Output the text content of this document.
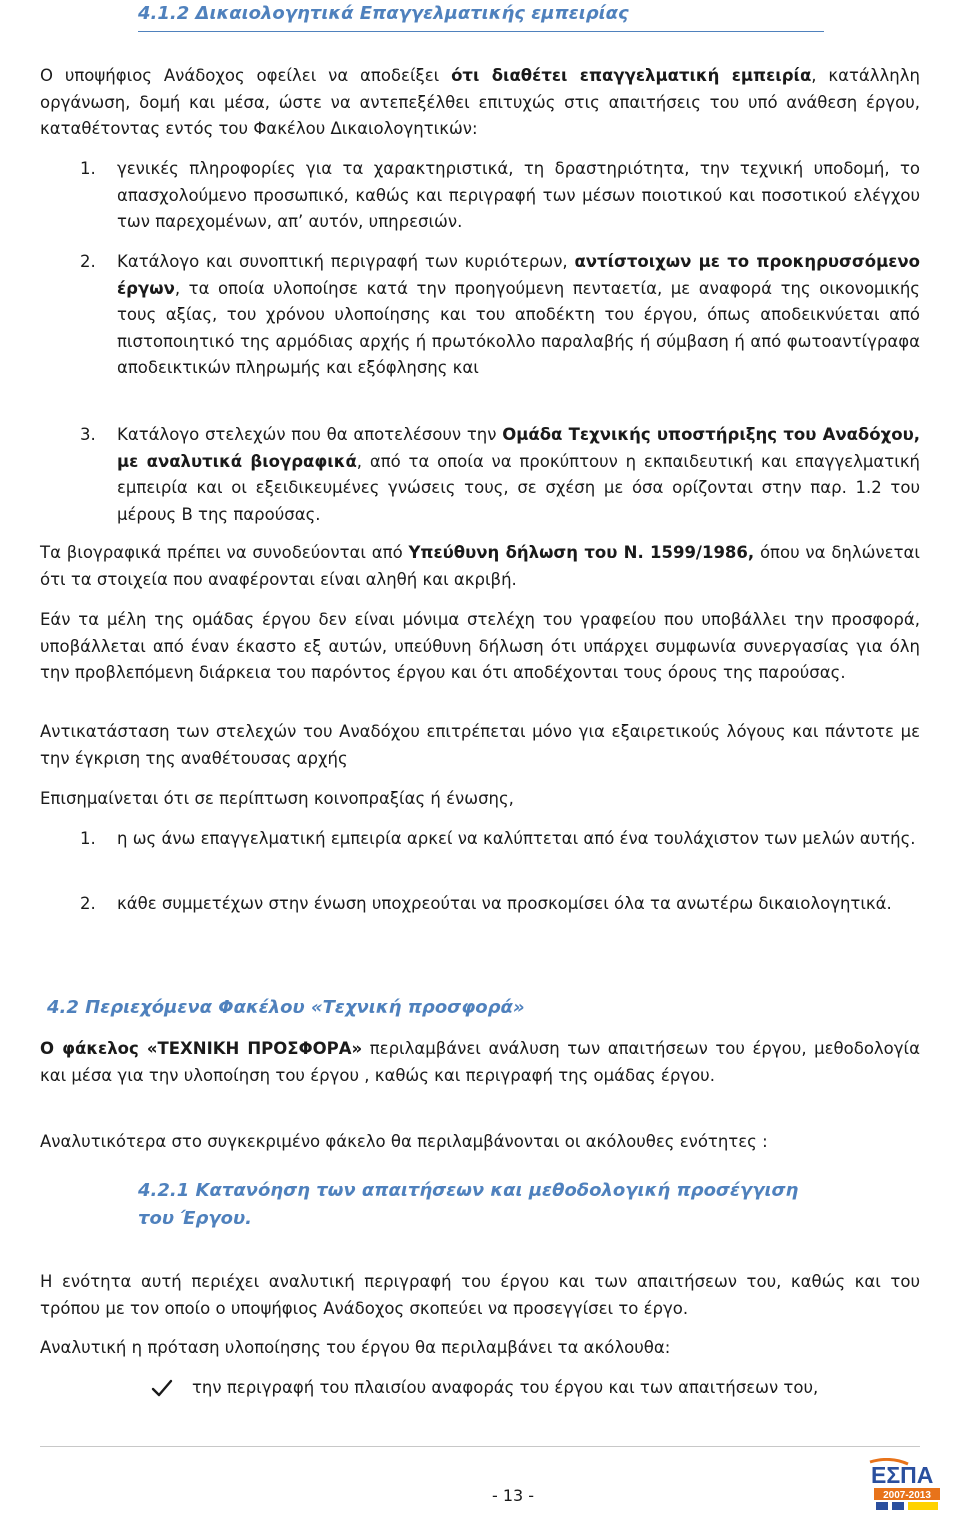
4.1.2 Δικαιολογητικά Επαγγελματικής εμπειρίας

Ο υποψήφιος Ανάδοχος οφείλει να αποδείξει ότι διαθέτει επαγγελματική εμπειρία, κατάλληλη οργάνωση, δομή και μέσα, ώστε να αντεπεξέλθει επιτυχώς στις απαιτήσεις του υπό ανάθεση έργου, καταθέτοντας εντός του Φακέλου Δικαιολογητικών:

1.	γενικές πληροφορίες για τα χαρακτηριστικά, τη δραστηριότητα, την τεχνική υποδομή, το απασχολούμενο προσωπικό, καθώς και περιγραφή των μέσων ποιοτικού και ποσοτικού ελέγχου των παρεχομένων, απ’ αυτόν, υπηρεσιών.

2.	Κατάλογο και συνοπτική περιγραφή των κυριότερων, αντίστοιχων με το προκηρυσσόμενο έργων, τα οποία υλοποίησε κατά την προηγούμενη πενταετία, με αναφορά της οικονομικής τους αξίας, του χρόνου υλοποίησης και του αποδέκτη του έργου, όπως αποδεικνύεται από πιστοποιητικό της αρμόδιας αρχής ή πρωτόκολλο παραλαβής ή σύμβαση ή από φωτοαντίγραφα αποδεικτικών πληρωμής και εξόφλησης και

3.	Κατάλογο στελεχών που θα αποτελέσουν την Ομάδα Τεχνικής υποστήριξης του Αναδόχου, με αναλυτικά βιογραφικά, από τα οποία να προκύπτουν η εκπαιδευτική και επαγγελματική εμπειρία και οι εξειδικευμένες γνώσεις τους, σε σχέση με όσα ορίζονται στην παρ. 1.2 του μέρους Β της παρούσας.

Τα βιογραφικά πρέπει να συνοδεύονται από Υπεύθυνη δήλωση του Ν. 1599/1986, όπου να δηλώνεται ότι τα στοιχεία που αναφέρονται είναι αληθή και ακριβή.

Εάν τα μέλη της ομάδας έργου δεν είναι μόνιμα στελέχη του γραφείου που υποβάλλει την προσφορά, υποβάλλεται από έναν έκαστο εξ αυτών, υπεύθυνη δήλωση ότι υπάρχει συμφωνία συνεργασίας για όλη την προβλεπόμενη διάρκεια του παρόντος έργου και ότι αποδέχονται τους όρους της παρούσας.

Αντικατάσταση των στελεχών του Αναδόχου επιτρέπεται μόνο για εξαιρετικούς λόγους και πάντοτε με την έγκριση της αναθέτουσας αρχής

Επισημαίνεται ότι σε περίπτωση κοινοπραξίας ή ένωσης,

1.	η ως άνω επαγγελματική εμπειρία αρκεί να καλύπτεται από ένα τουλάχιστον των μελών αυτής.

2.	κάθε συμμετέχων στην ένωση υποχρεούται να προσκομίσει όλα τα ανωτέρω δικαιολογητικά.

4.2 Περιεχόμενα Φακέλου «Τεχνική προσφορά»

Ο φάκελος «ΤΕΧΝΙΚΗ ΠΡΟΣΦΟΡΑ» περιλαμβάνει ανάλυση των απαιτήσεων του έργου, μεθοδολογία και μέσα για την υλοποίηση του έργου , καθώς και περιγραφή της ομάδας έργου.

Αναλυτικότερα στο συγκεκριμένο φάκελο θα περιλαμβάνονται οι ακόλουθες ενότητες :

4.2.1 Κατανόηση των απαιτήσεων και μεθοδολογική προσέγγιση
του Έργου.

Η ενότητα αυτή περιέχει αναλυτική περιγραφή του έργου και των απαιτήσεων του, καθώς και του τρόπου με τον οποίο ο υποψήφιος Ανάδοχος σκοπεύει να προσεγγίσει το έργο.

Αναλυτική η πρόταση υλοποίησης του έργου θα περιλαμβάνει τα ακόλουθα:

την περιγραφή του πλαισίου αναφοράς του έργου και των απαιτήσεων του,
- 13 -
ΕΣΠΑ
2007-2013
